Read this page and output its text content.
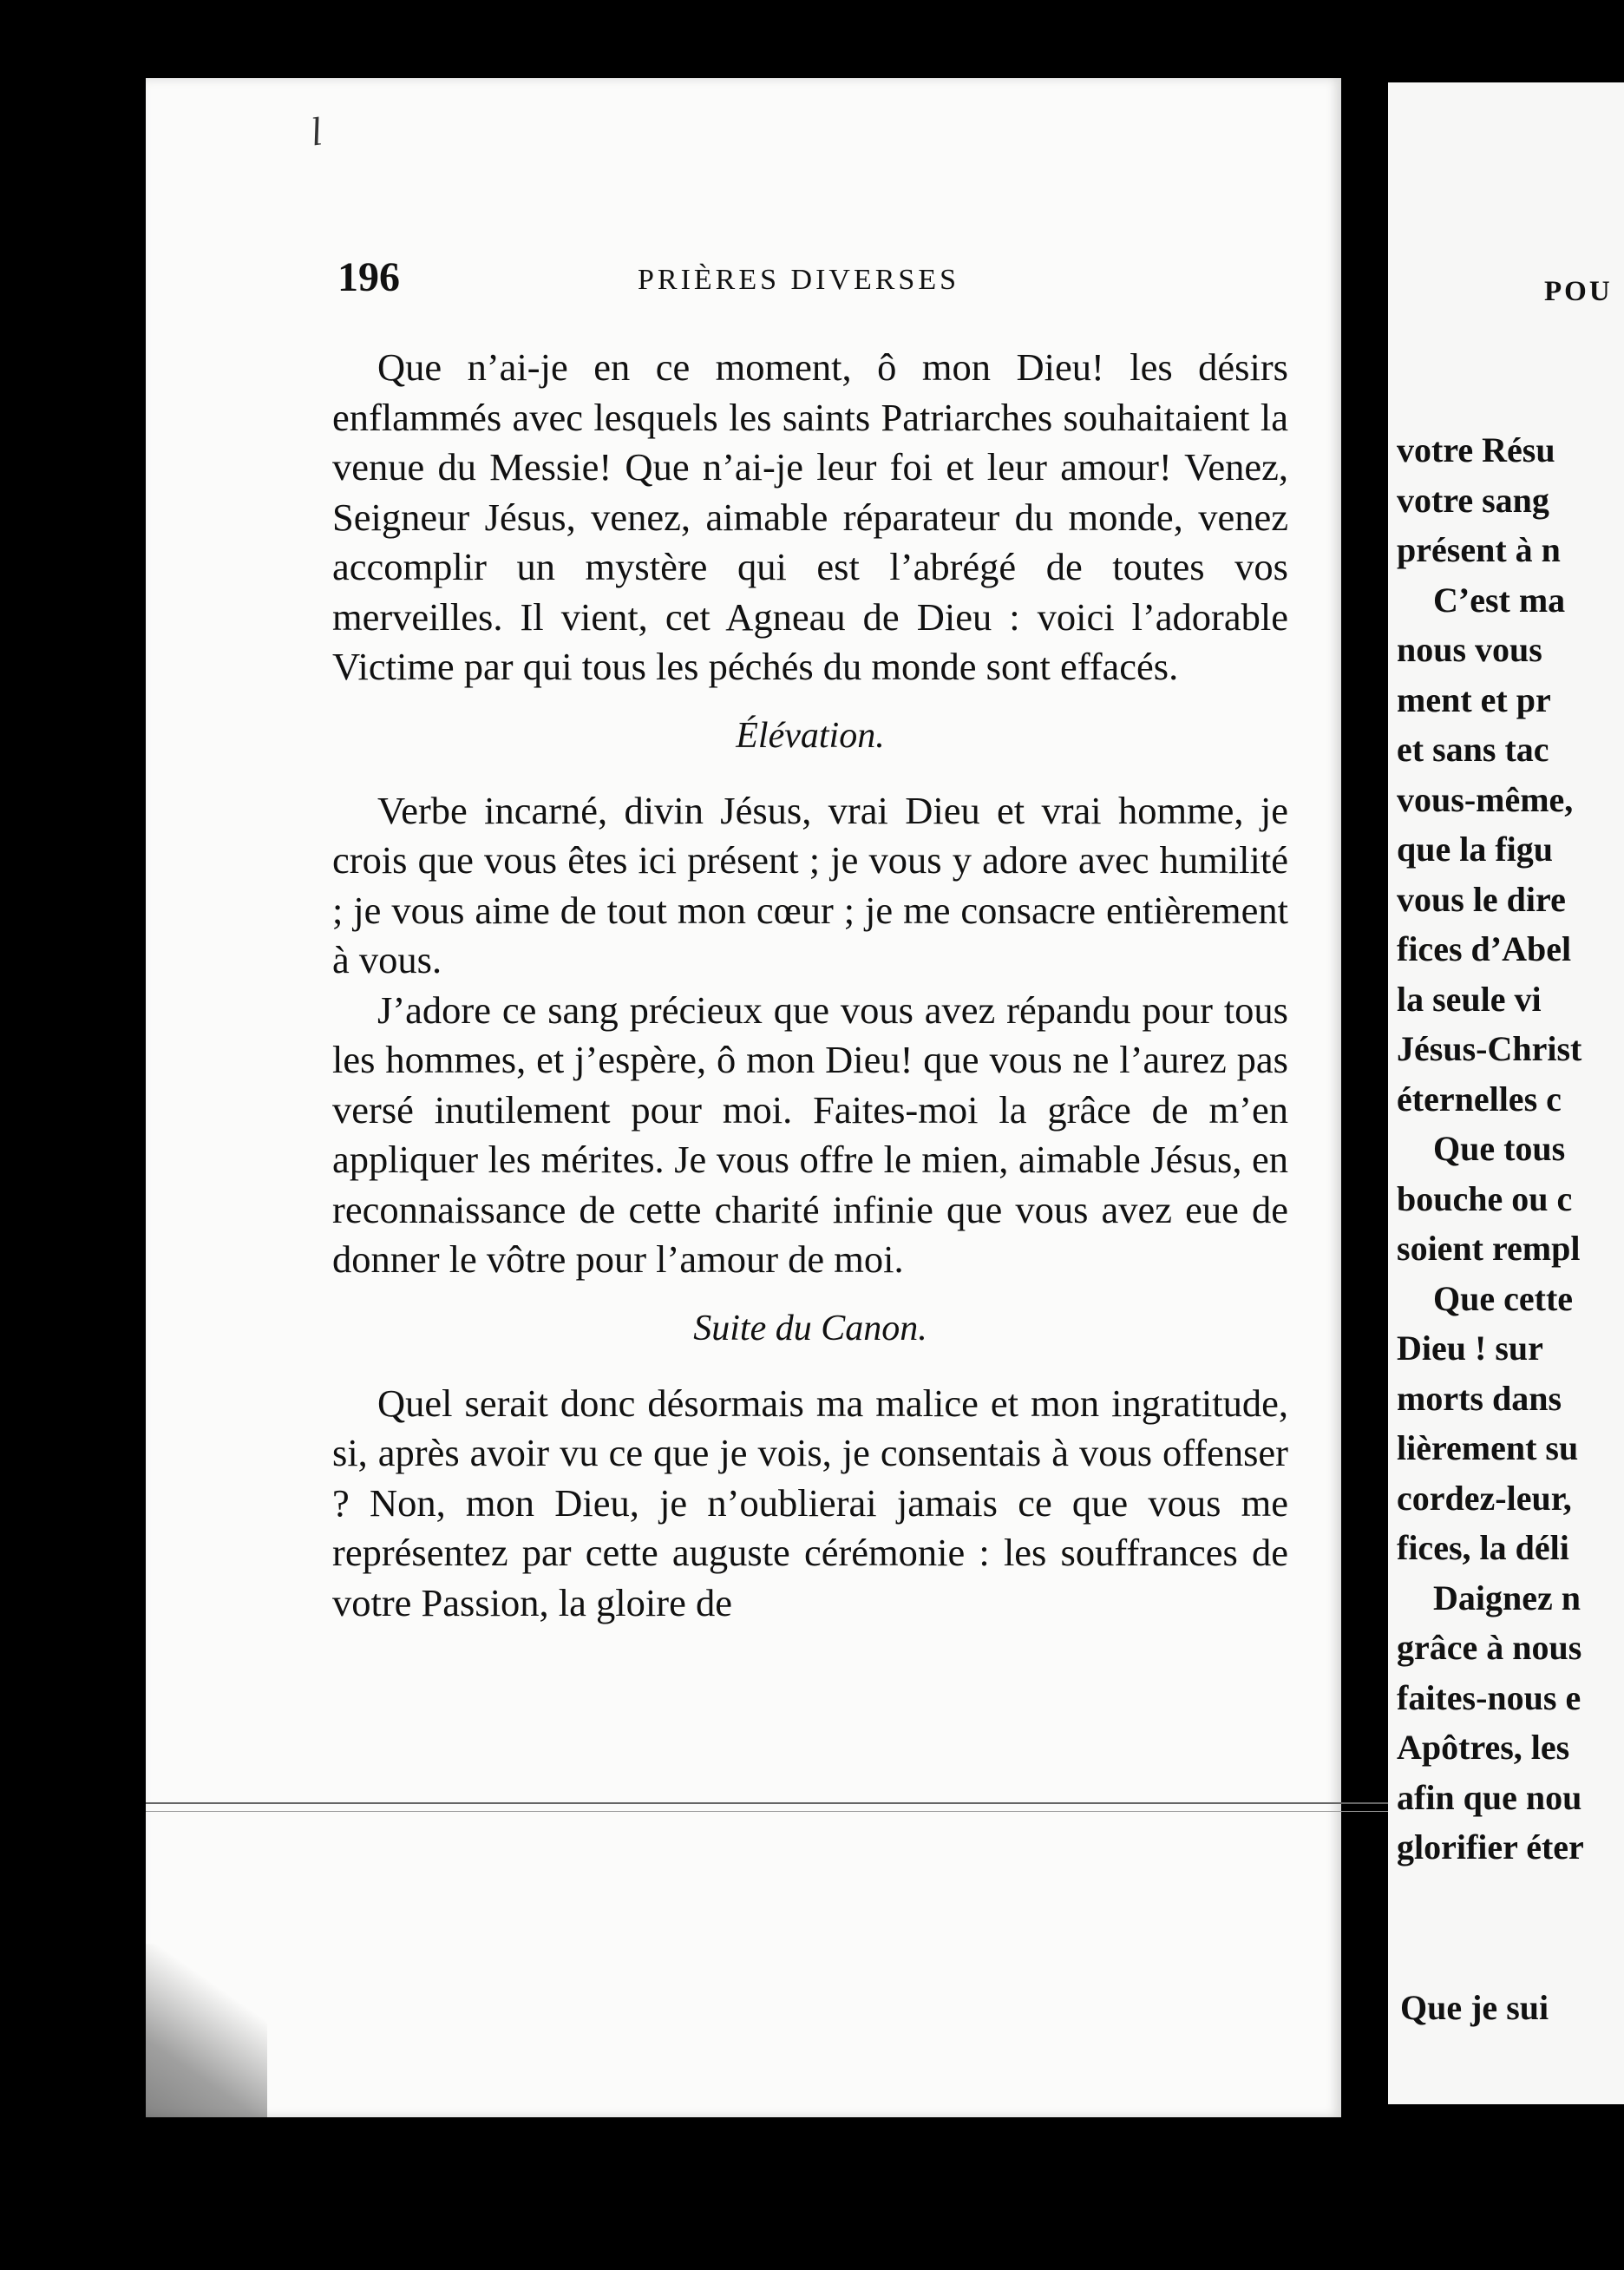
l
196	PRIÈRES DIVERSES

Que n’ai-je en ce moment, ô mon Dieu! les désirs enflammés avec lesquels les saints Patriarches souhaitaient la venue du Messie! Que n’ai-je leur foi et leur amour! Venez, Seigneur Jésus, venez, aimable réparateur du monde, venez accomplir un mystère qui est l’abrégé de toutes vos merveilles. Il vient, cet Agneau de Dieu : voici l’adorable Victime par qui tous les péchés du monde sont effacés.

Élévation.

Verbe incarné, divin Jésus, vrai Dieu et vrai homme, je crois que vous êtes ici présent ; je vous y adore avec humilité ; je vous aime de tout mon cœur ; je me consacre entièrement à vous.

J’adore ce sang précieux que vous avez répandu pour tous les hommes, et j’espère, ô mon Dieu! que vous ne l’aurez pas versé inutilement pour moi. Faites-moi la grâce de m’en appliquer les mérites. Je vous offre le mien, aimable Jésus, en reconnaissance de cette charité infinie que vous avez eue de donner le vôtre pour l’amour de moi.

Suite du Canon.

Quel serait donc désormais ma malice et mon ingratitude, si, après avoir vu ce que je vois, je consentais à vous offenser ? Non, mon Dieu, je n’oublierai jamais ce que vous me représentez par cette auguste cérémonie : les souffrances de votre Passion, la gloire de

POU
votre Résu
votre sang
présent à n
C’est ma
nous vous
ment et pr
et sans tac
vous-même,
que la figu
vous le dire
fices d’Abel
la seule vi
Jésus-Christ
éternelles c
Que tous
bouche ou c
soient rempl
Que cette
Dieu ! sur
morts dans
lièrement su
cordez-leur,
fices, la déli
Daignez n
grâce à nous
faites-nous e
Apôtres, les
afin que nou
glorifier éter
Que je sui
